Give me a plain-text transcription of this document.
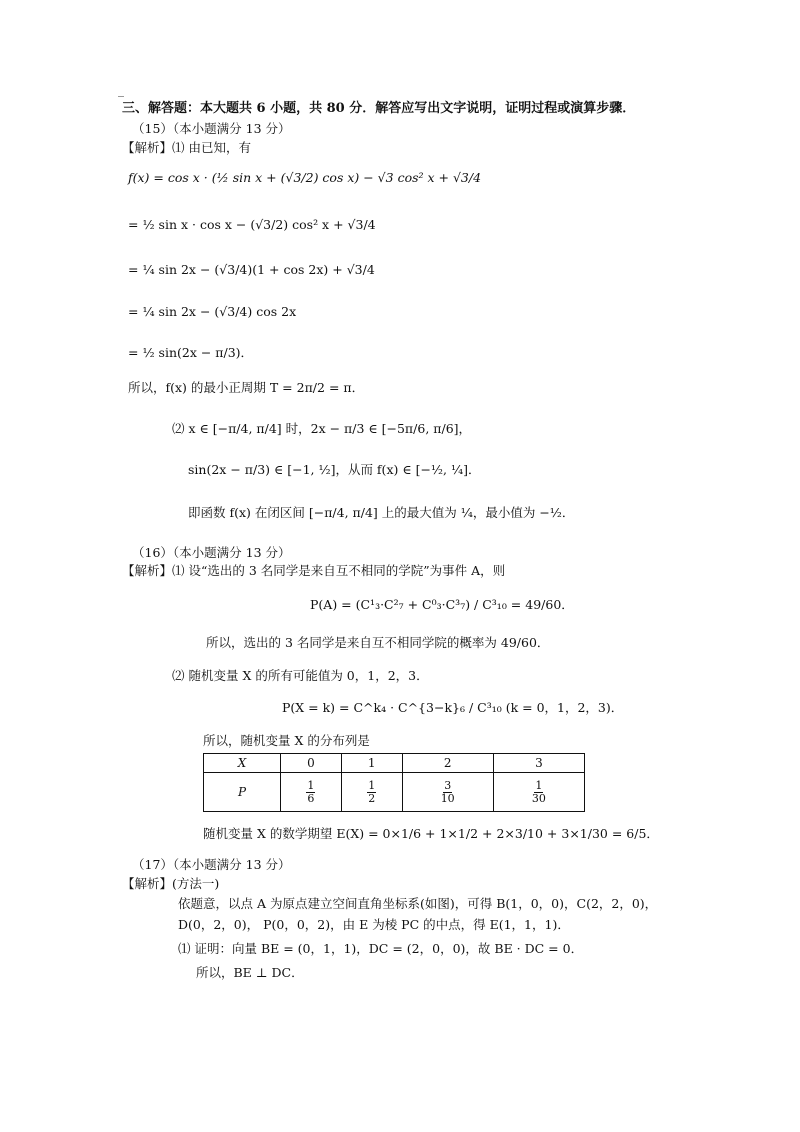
三、解答题：本大题共 6 小题，共 80 分．解答应写出文字说明，证明过程或演算步骤．
（15）（本小题满分 13 分）
【解析】⑴ 由已知，有
f(x) = cos x · (½ sin x + (√3/2) cos x) − √3 cos² x + √3/4
= ½ sin x · cos x − (√3/2) cos² x + √3/4
= ¼ sin 2x − (√3/4)(1 + cos 2x) + √3/4
= ¼ sin 2x − (√3/4) cos 2x
= ½ sin(2x − π/3)．
所以，f(x) 的最小正周期 T = 2π/2 = π．
⑵ x ∈ [−π/4, π/4] 时，2x − π/3 ∈ [−5π/6, π/6]，
sin(2x − π/3) ∈ [−1, ½]，从而 f(x) ∈ [−½, ¼]．
即函数 f(x) 在闭区间 [−π/4, π/4] 上的最大值为 ¼，最小值为 −½．
（16）（本小题满分 13 分）
【解析】⑴ 设“选出的 3 名同学是来自互不相同的学院”为事件 A，则
P(A) = (C¹₃·C²₇ + C⁰₃·C³₇) / C³₁₀ = 49/60．
所以，选出的 3 名同学是来自互不相同学院的概率为 49/60．
⑵ 随机变量 X 的所有可能值为 0，1，2，3．
P(X = k) = C^k₄ · C^{3−k}₆ / C³₁₀ (k = 0，1，2，3)．
所以，随机变量 X 的分布列是
X	0	1	2	3
P	$\frac{1}{6}$	$\frac{1}{2}$	$\frac{3}{10}$	$\frac{1}{30}$
随机变量 X 的数学期望 E(X) = 0×1/6 + 1×1/2 + 2×3/10 + 3×1/30 = 6/5．
（17）（本小题满分 13 分）
【解析】(方法一)
依题意，以点 A 为原点建立空间直角坐标系(如图)，可得 B(1，0，0)，C(2，2，0)，
D(0，2，0)， P(0，0，2)，由 E 为棱 PC 的中点，得 E(1，1，1)．
⑴ 证明：向量 BE = (0，1，1)，DC = (2，0，0)，故 BE · DC = 0．
所以，BE ⊥ DC．
